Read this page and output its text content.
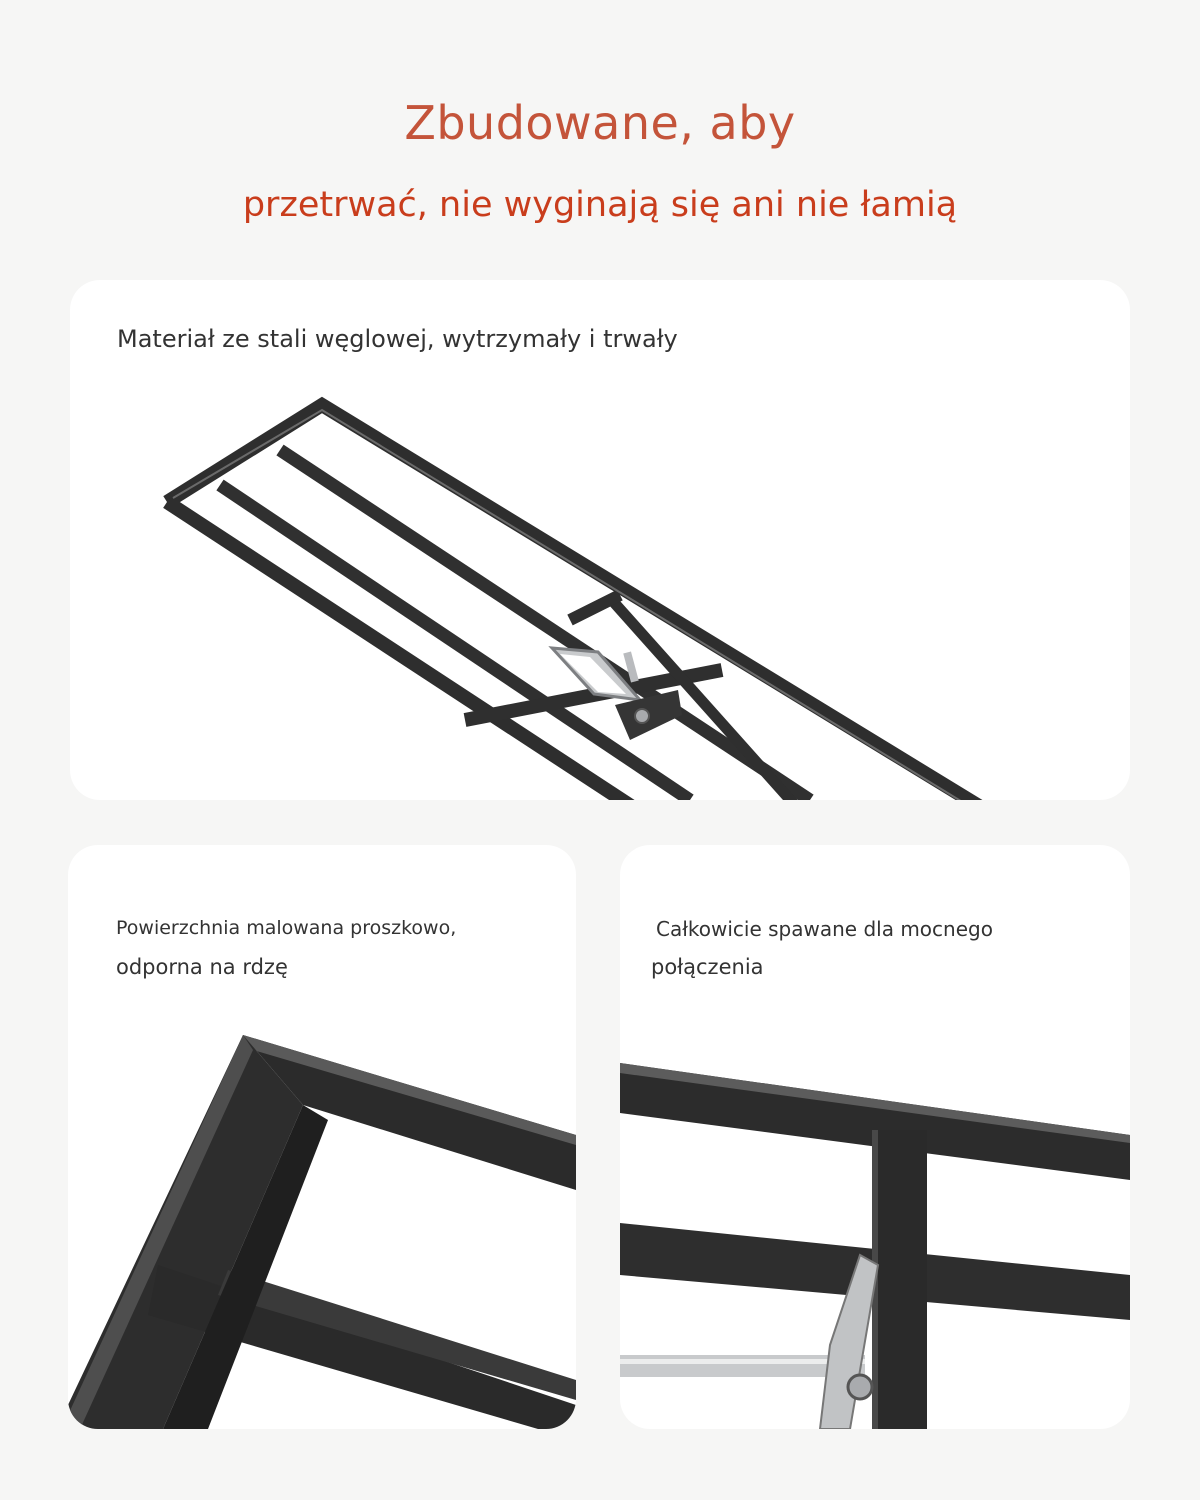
Zbudowane, aby
przetrwać, nie wyginają się ani nie łamią
Materiał ze stali węglowej, wytrzymały i trwały
Powierzchnia malowana proszkowo,
odporna na rdzę
Całkowicie spawane dla mocnego
połączenia
